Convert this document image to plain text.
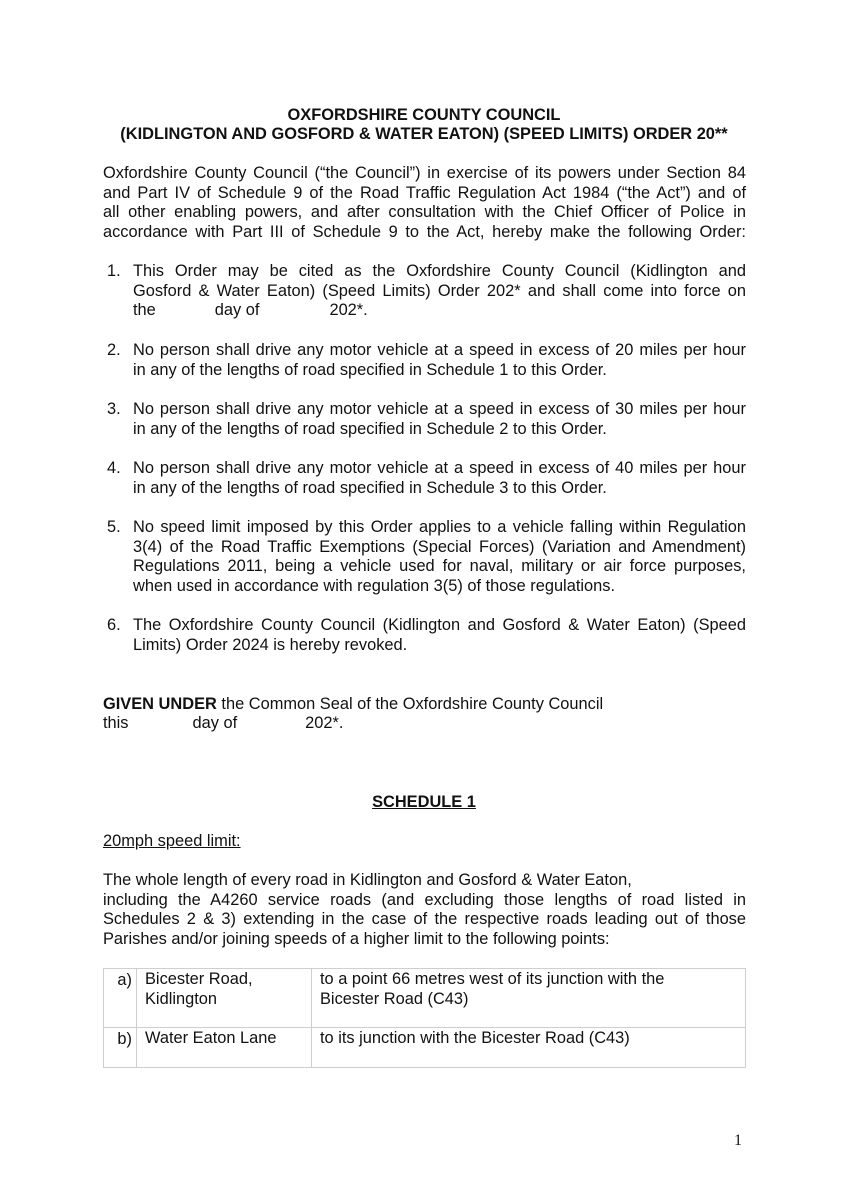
OXFORDSHIRE COUNTY COUNCIL
(KIDLINGTON AND GOSFORD & WATER EATON) (SPEED LIMITS) ORDER 20**
Oxfordshire County Council (“the Council”) in exercise of its powers under Section 84
and Part IV of Schedule 9 of the Road Traffic Regulation Act 1984 (“the Act”) and of
all other enabling powers, and after consultation with the Chief Officer of Police in
accordance with Part III of Schedule 9 to the Act, hereby make the following Order:
1. This Order may be cited as the Oxfordshire County Council (Kidlington and
Gosford & Water Eaton) (Speed Limits) Order 202* and shall come into force on
the	day of	202*.
2. No person shall drive any motor vehicle at a speed in excess of 20 miles per hour
in any of the lengths of road specified in Schedule 1 to this Order.
3. No person shall drive any motor vehicle at a speed in excess of 30 miles per hour
in any of the lengths of road specified in Schedule 2 to this Order.
4. No person shall drive any motor vehicle at a speed in excess of 40 miles per hour
in any of the lengths of road specified in Schedule 3 to this Order.
5. No speed limit imposed by this Order applies to a vehicle falling within Regulation
3(4) of the Road Traffic Exemptions (Special Forces) (Variation and Amendment)
Regulations 2011, being a vehicle used for naval, military or air force purposes,
when used in accordance with regulation 3(5) of those regulations.
6. The Oxfordshire County Council (Kidlington and Gosford & Water Eaton) (Speed
Limits) Order 2024 is hereby revoked.
GIVEN UNDER the Common Seal of the Oxfordshire County Council
this	day of	202*.
SCHEDULE 1
20mph speed limit:
The whole length of every road in Kidlington and Gosford & Water Eaton,
including the A4260 service roads (and excluding those lengths of road listed in
Schedules 2 & 3) extending in the case of the respective roads leading out of those
Parishes and/or joining speeds of a higher limit to the following points:
a)	Bicester Road,
Kidlington	to a point 66 metres west of its junction with the
Bicester Road (C43)

b)	Water Eaton Lane	to its junction with the Bicester Road (C43)
1
